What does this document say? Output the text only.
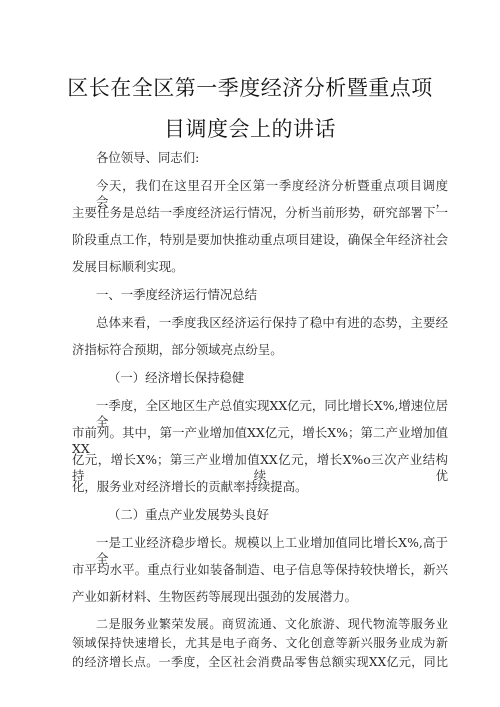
区长在全区第一季度经济分析暨重点项
目调度会上的讲话

各位领导、同志们:

今天，我们在这里召开全区第一季度经济分析暨重点项目调度会，

主要任务是总结一季度经济运行情况，分析当前形势，研究部署下一

阶段重点工作，特别是要加快推动重点项目建设，确保全年经济社会

发展目标顺利实现。

一、一季度经济运行情况总结

总体来看，一季度我区经济运行保持了稳中有进的态势，主要经

济指标符合预期，部分领域亮点纷呈。

（一）经济增长保持稳健

一季度，全区地区生产总值实现XX亿元，同比增长X%,增速位居全

市前列。其中，第一产业增加值XX亿元，增长X%；第二产业增加值XX

亿元，增长X%；第三产业增加值XX亿元，增长X%o三次产业结构持续优

化，服务业对经济增长的贡献率持续提高。

（二）重点产业发展势头良好

一是工业经济稳步增长。规模以上工业增加值同比增长X%,高于全

市平均水平。重点行业如装备制造、电子信息等保持较快增长，新兴

产业如新材料、生物医药等展现出强劲的发展潜力。

二是服务业繁荣发展。商贸流通、文化旅游、现代物流等服务业

领域保持快速增长，尤其是电子商务、文化创意等新兴服务业成为新

的经济增长点。一季度，全区社会消费品零售总额实现XX亿元，同比
